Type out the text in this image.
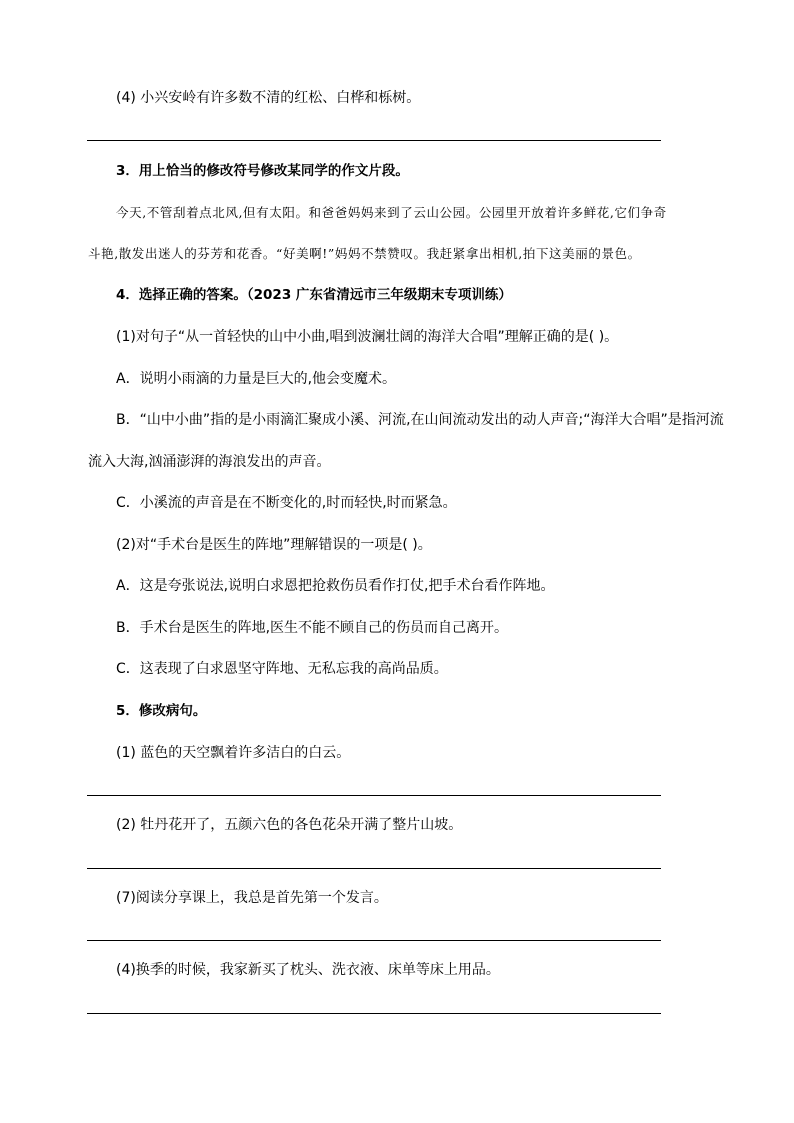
(4) 小兴安岭有许多数不清的红松、白桦和栎树。
3．用上恰当的修改符号修改某同学的作文片段。
今天,不管刮着点北风,但有太阳。和爸爸妈妈来到了云山公园。公园里开放着许多鲜花,它们争奇
斗艳,散发出迷人的芬芳和花香。“好美啊!”妈妈不禁赞叹。我赶紧拿出相机,拍下这美丽的景色。
4．选择正确的答案。（2023 广东省清远市三年级期末专项训练）
(1)对句子“从一首轻快的山中小曲,唱到波澜壮阔的海洋大合唱”理解正确的是( )。
A．说明小雨滴的力量是巨大的,他会变魔术。
B．“山中小曲”指的是小雨滴汇聚成小溪、河流,在山间流动发出的动人声音;“海洋大合唱”是指河流
流入大海,汹涌澎湃的海浪发出的声音。
C．小溪流的声音是在不断变化的,时而轻快,时而紧急。
(2)对“手术台是医生的阵地”理解错误的一项是( )。
A．这是夸张说法,说明白求恩把抢救伤员看作打仗,把手术台看作阵地。
B．手术台是医生的阵地,医生不能不顾自己的伤员而自己离开。
C．这表现了白求恩坚守阵地、无私忘我的高尚品质。
5．修改病句。
(1) 蓝色的天空飘着许多洁白的白云。
(2) 牡丹花开了，五颜六色的各色花朵开满了整片山坡。
(7)阅读分享课上，我总是首先第一个发言。
(4)换季的时候，我家新买了枕头、洗衣液、床单等床上用品。
